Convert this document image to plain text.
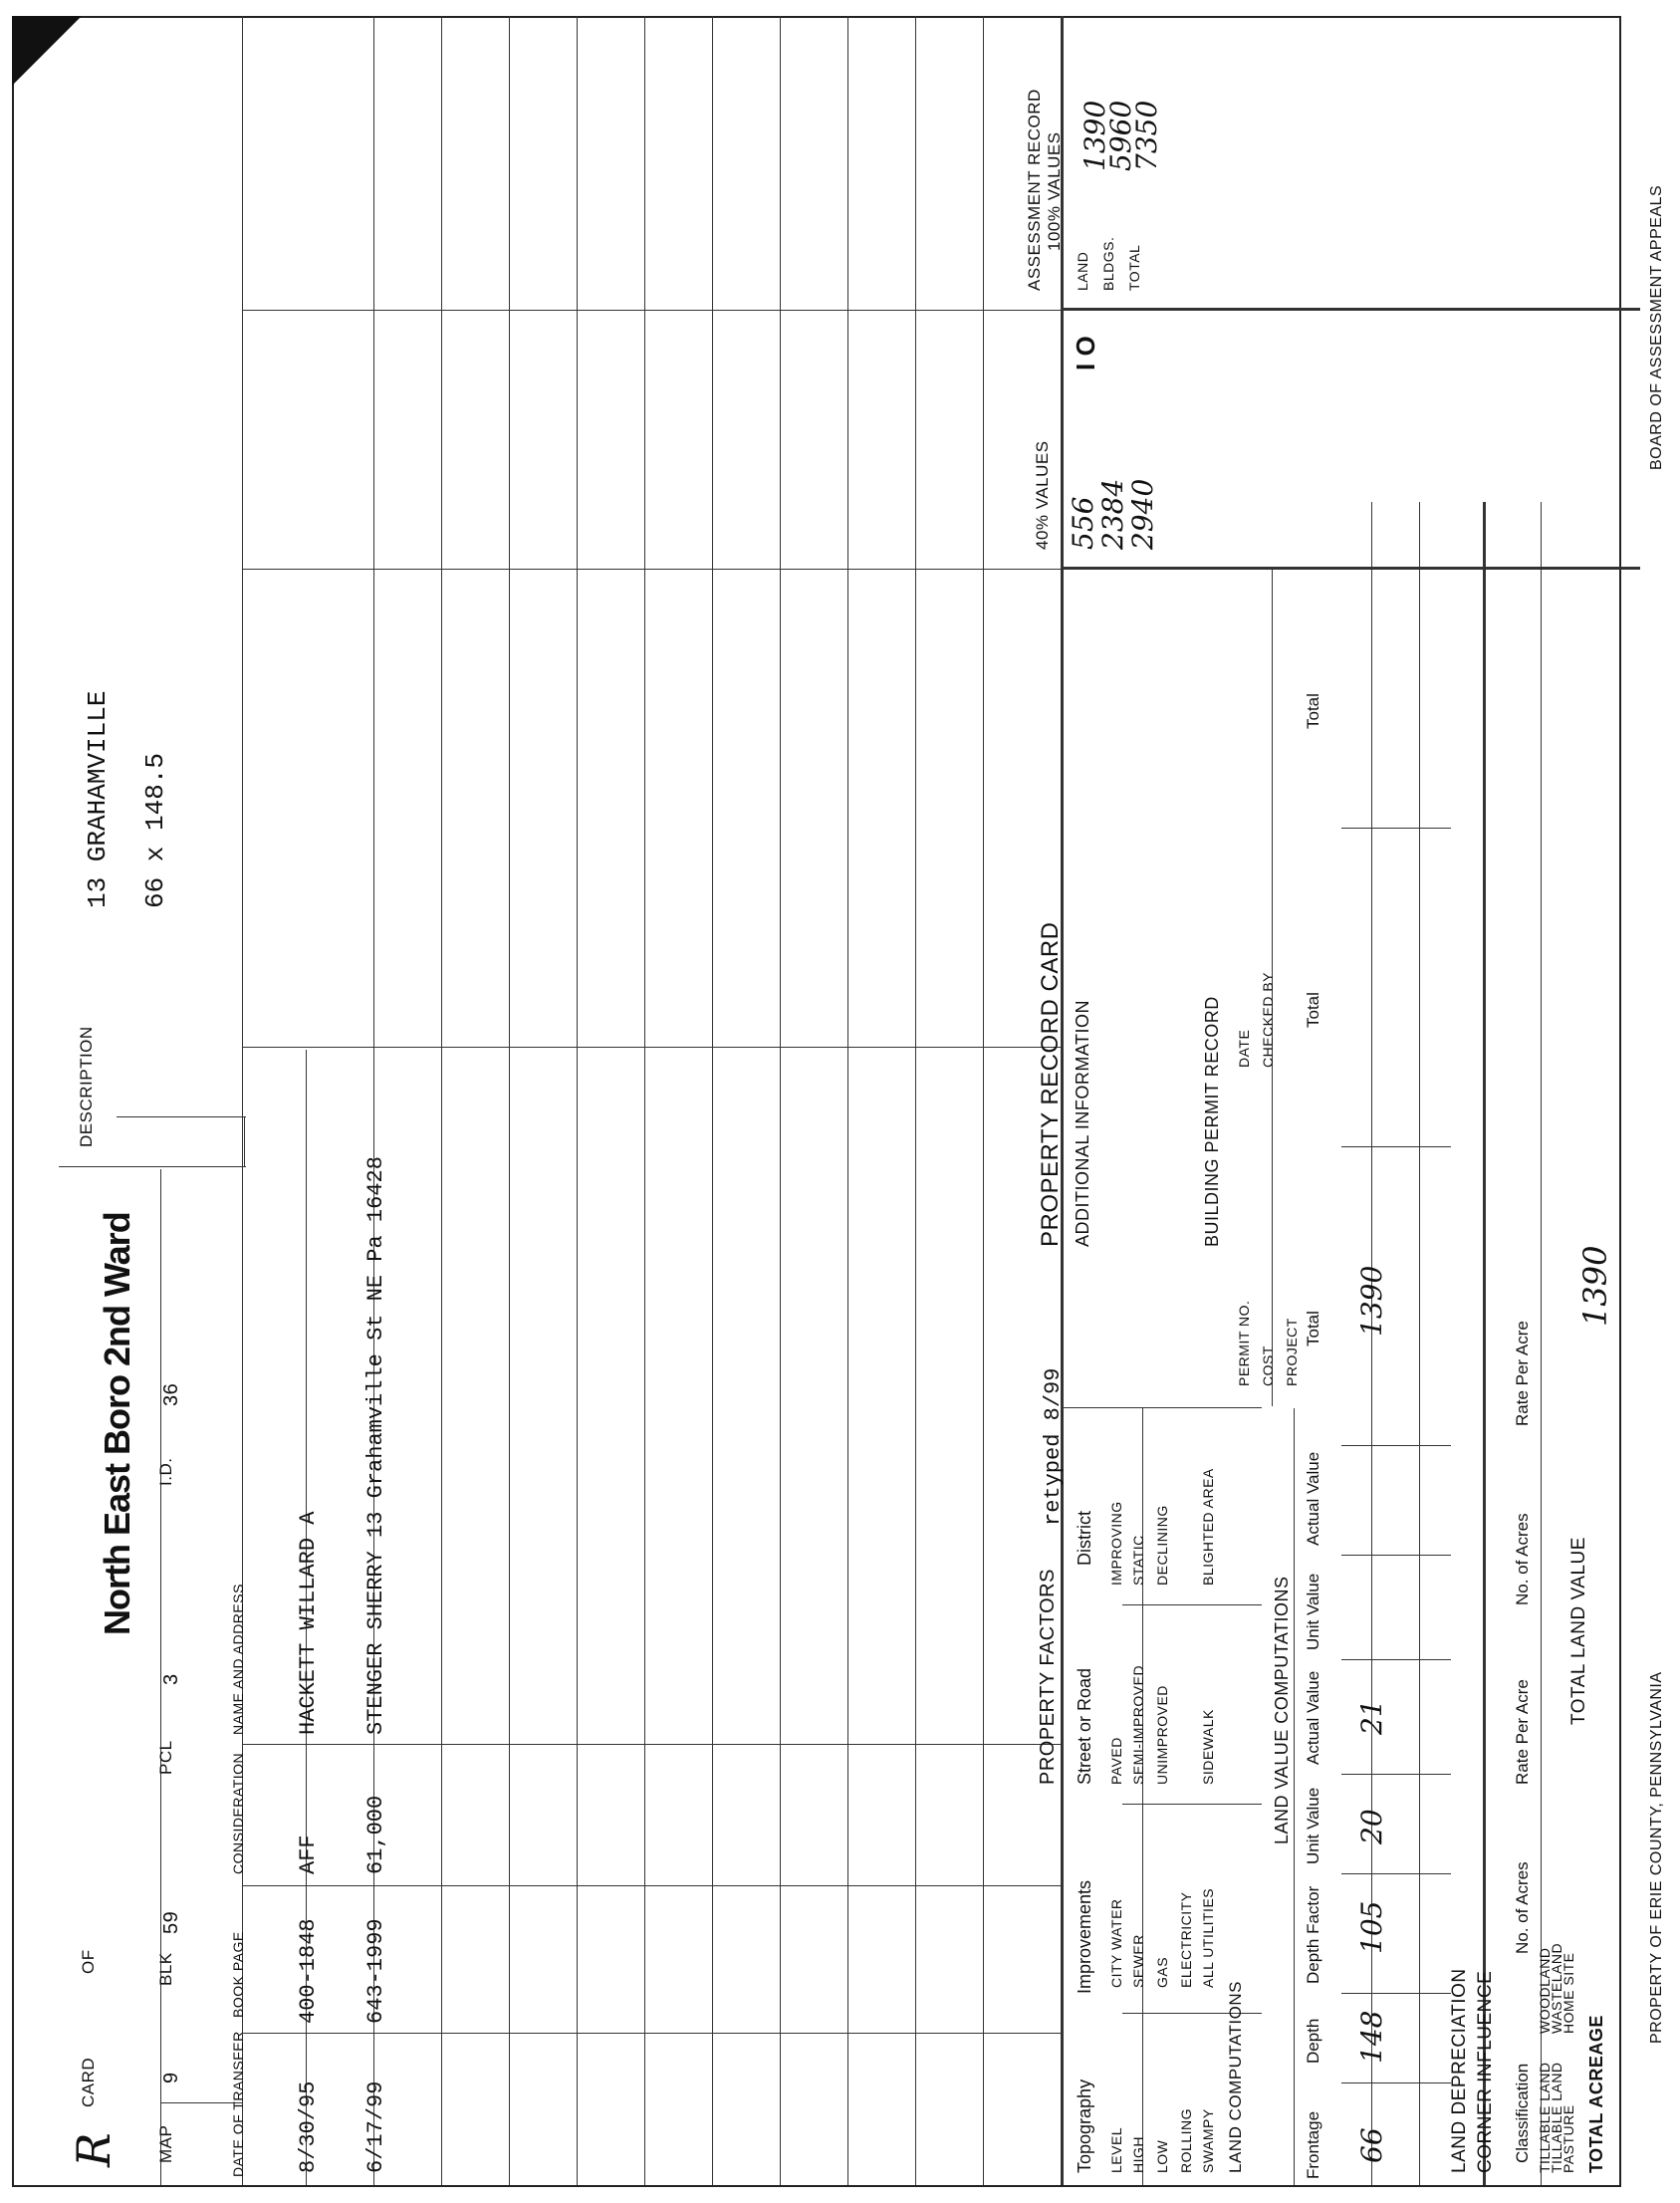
R
CARD
OF
North East Boro 2nd Ward
DESCRIPTION
13 GRAHAMVILLE 66 x 148.5
MAP
9
BLK
59
PCL
3
I.D.
36
DATE OF TRANSFER
BOOK PAGE
CONSIDERATION
NAME AND ADDRESS
8/30/95
400-1848
AFF
HACKETT WILLARD A
6/17/99
643-1999
61,000
STENGER SHERRY 13 Grahamville St NE Pa 16428	PROPERTY FACTORS
retyped 8/99
Topography
Improvements
Street or Road
District
LEVEL HIGH LOW ROLLING SWAMPY
CITY WATER SEWER GAS ELECTRICITY ALL UTILITIES
PAVED SEMI-IMPROVED UNIMPROVED SIDEWALK
IMPROVING STATIC DECLINING BLIGHTED AREA
LAND COMPUTATIONS
LAND VALUE COMPUTATIONS
Frontage
Depth
Depth Factor
Unit Value
Actual Value
Unit Value
Actual Value
Total
Total
Total
66
148
105
20
21
1390
LAND DEPRECIATION CORNER INFLUENCE Classification
No. of Acres
Rate Per Acre
No. of Acres
Rate Per Acre
TILLABLE LAND
TILLABLE LAND
PASTURE
WOODLAND
WASTELAND
HOME SITE
TOTAL ACREAGE
TOTAL LAND VALUE
1390
PROPERTY RECORD CARD ADDITIONAL INFORMATION	BUILDING PERMIT RECORD
PERMIT NO. COST PROJECT
DATE CHECKED BY
40% VALUES 556
2384
2940
I O
ASSESSMENT RECORD 100% VALUES
LAND BLDGS. TOTAL
1390
5960
7350
PROPERTY OF ERIE COUNTY, PENNSYLVANIA
BOARD OF ASSESSMENT APPEALS
